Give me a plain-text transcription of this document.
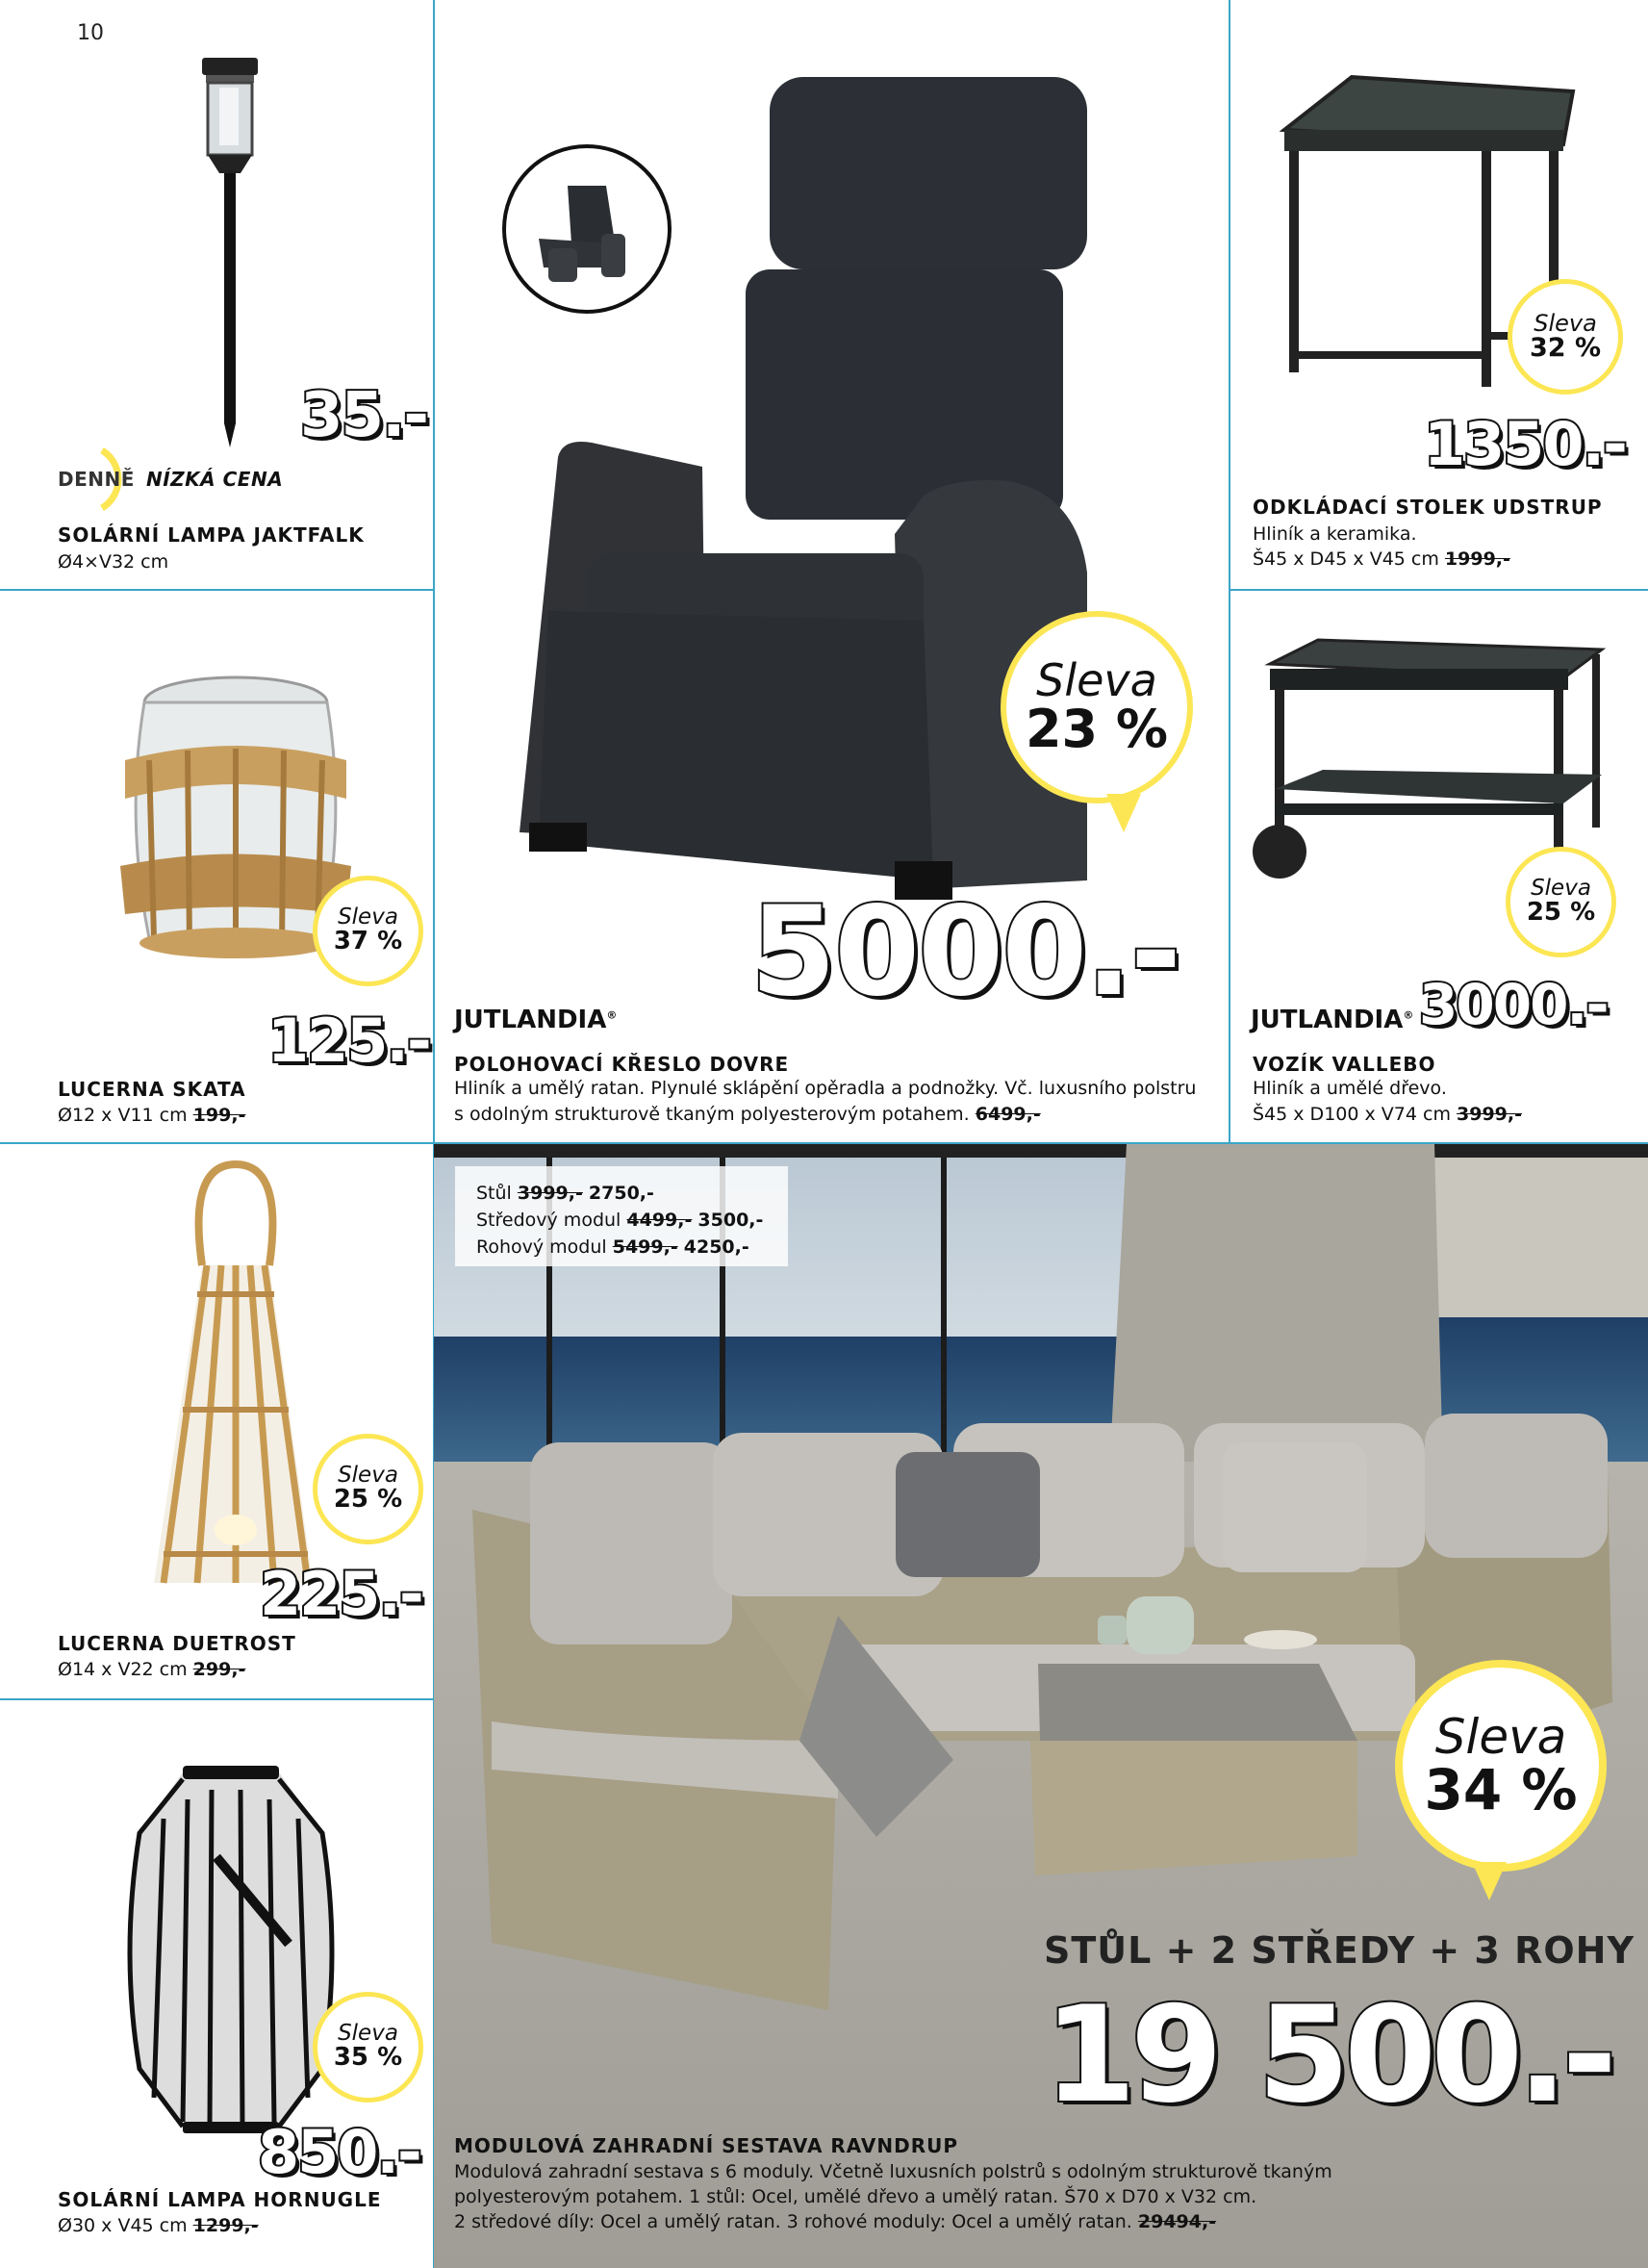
10
35.-
DENNĚ NÍZKÁ CENA
SOLÁRNÍ LAMPA JAKTFALK
Ø4×V32 cm
Sleva
23 %
5000.-
JUTLANDIA®
POLOHOVACÍ KŘESLO DOVRE
Hliník a umělý ratan. Plynulé sklápění opěradla a podnožky. Vč. luxusního polstru
s odolným strukturově tkaným polyesterovým potahem. 6499,-
Sleva
32 %
1350.-
ODKLÁDACÍ STOLEK UDSTRUP
Hliník a keramika.
Š45 x D45 x V45 cm 1999,-
Sleva
37 %
125.-
LUCERNA SKATA
Ø12 x V11 cm 199,-
Sleva
25 %
JUTLANDIA® 3000.-
VOZÍK VALLEBO
Hliník a umělé dřevo.
Š45 x D100 x V74 cm 3999,-
Sleva
25 %
225.-
LUCERNA DUETROST
Ø14 x V22 cm 299,-
Sleva
35 %
850.-
SOLÁRNÍ LAMPA HORNUGLE
Ø30 x V45 cm 1299,-
Stůl 3999,- 2750,-
Středový modul 4499,- 3500,-
Rohový modul 5499,- 4250,-
Sleva
34 %
STŮL + 2 STŘEDY + 3 ROHY
19 500.-
MODULOVÁ ZAHRADNÍ SESTAVA RAVNDRUP
Modulová zahradní sestava s 6 moduly. Včetně luxusních polstrů s odolným strukturově tkaným
polyesterovým potahem. 1 stůl: Ocel, umělé dřevo a umělý ratan. Š70 x D70 x V32 cm.
2 středové díly: Ocel a umělý ratan. 3 rohové moduly: Ocel a umělý ratan. 29494,-
